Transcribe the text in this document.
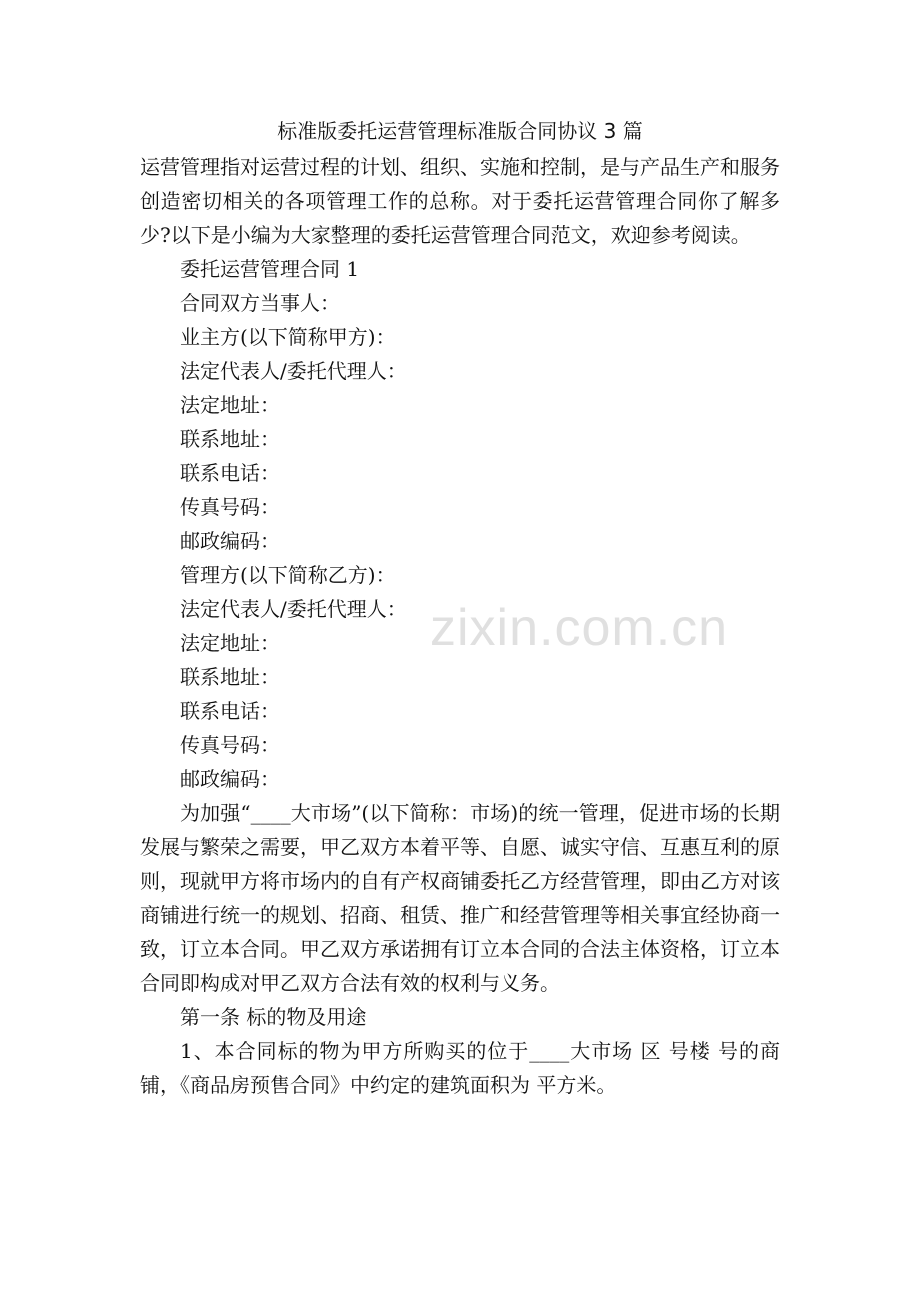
标准版委托运营管理标准版合同协议 3 篇

运营管理指对运营过程的计划、组织、实施和控制，是与产品生产和服务创造密切相关的各项管理工作的总称。对于委托运营管理合同你了解多少?以下是小编为大家整理的委托运营管理合同范文，欢迎参考阅读。

委托运营管理合同 1

合同双方当事人：

业主方(以下简称甲方)：

法定代表人/委托代理人：

法定地址：

联系地址：

联系电话：

传真号码：

邮政编码：

管理方(以下简称乙方)：

法定代表人/委托代理人：

法定地址：

联系地址：

联系电话：

传真号码：

邮政编码：

为加强“____大市场”(以下简称：市场)的统一管理，促进市场的长期发展与繁荣之需要，甲乙双方本着平等、自愿、诚实守信、互惠互利的原则，现就甲方将市场内的自有产权商铺委托乙方经营管理，即由乙方对该商铺进行统一的规划、招商、租赁、推广和经营管理等相关事宜经协商一致，订立本合同。甲乙双方承诺拥有订立本合同的合法主体资格，订立本合同即构成对甲乙双方合法有效的权利与义务。

第一条 标的物及用途

1、本合同标的物为甲方所购买的位于____大市场 区 号楼 号的商铺，《商品房预售合同》中约定的建筑面积为 平方米。

zixin.com.cn
